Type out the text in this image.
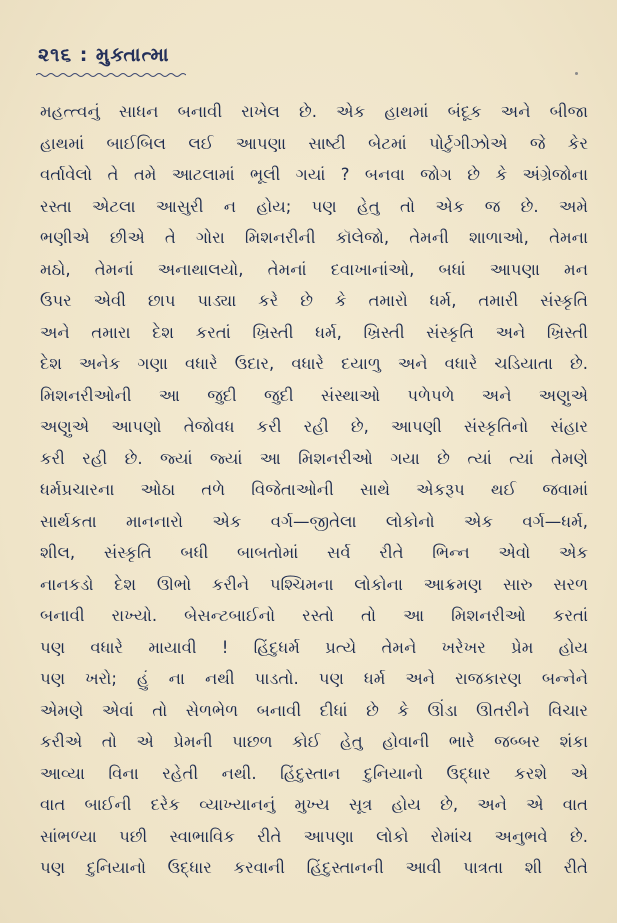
૨૧૬ : મુક્તાત્મા
મહત્ત્વનું સાધન બનાવી રાખેલ છે. એક હાથમાં બંદૂક અને બીજા
હાથમાં બાઈબિલ લઈ આપણા સાષ્ટી બેટમાં પોર્ટુગીઝોએ જે કેર
વર્તાવેલો તે તમે આટલામાં ભૂલી ગયાં ? બનવા જોગ છે કે અંગ્રેજોના
રસ્તા એટલા આસુરી ન હોય; પણ હેતુ તો એક જ છે. અમે
ભણીએ છીએ તે ગોરા મિશનરીની કૉલેજો, તેમની શાળાઓ, તેમના
મઠો, તેમનાં અનાથાલયો, તેમનાં દવાખાનાંઓ, બધાં આપણા મન
ઉપર એવી છાપ પાડ્યા કરે છે કે તમારો ધર્મ, તમારી સંસ્કૃતિ
અને તમારા દેશ કરતાં ખ્રિસ્તી ધર્મ, ખ્રિસ્તી સંસ્કૃતિ અને ખ્રિસ્તી
દેશ અનેક ગણા વધારે ઉદાર, વધારે દયાળુ અને વધારે ચડિયાતા છે.
મિશનરીઓની આ જુદી જુદી સંસ્થાઓ પળેપળે અને અણુએ
અણુએ આપણો તેજોવધ કરી રહી છે, આપણી સંસ્કૃતિનો સંહાર
કરી રહી છે. જ્યાં જ્યાં આ મિશનરીઓ ગયા છે ત્યાં ત્યાં તેમણે
ધર્મપ્રચારના ઓઠા તળે વિજેતાઓની સાથે એકરૂપ થઈ જવામાં
સાર્થકતા માનનારો એક વર્ગ—જીતેલા લોકોનો એક વર્ગ—ધર્મ,
શીલ, સંસ્કૃતિ બધી બાબતોમાં સર્વ રીતે ભિન્ન એવો એક
નાનકડો દેશ ઊભો કરીને પશ્ચિમના લોકોના આક્રમણ સારુ સરળ
બનાવી રાખ્યો. બેસન્ટબાઈનો રસ્તો તો આ મિશનરીઓ કરતાં
પણ વધારે માયાવી ! હિંદુધર્મ પ્રત્યે તેમને ખરેખર પ્રેમ હોય
પણ ખરો; હું ના નથી પાડતો. પણ ધર્મ અને રાજકારણ બન્નેને
એમણે એવાં તો સેળભેળ બનાવી દીધાં છે કે ઊંડા ઊતરીને વિચાર
કરીએ તો એ પ્રેમની પાછળ કોઈ હેતુ હોવાની ભારે જબ્બર શંકા
આવ્યા વિના રહેતી નથી. હિંદુસ્તાન દુનિયાનો ઉદ્ધાર કરશે એ
વાત બાઈની દરેક વ્યાખ્યાનનું મુખ્ય સૂત્ર હોય છે, અને એ વાત
સાંભળ્યા પછી સ્વાભાવિક રીતે આપણા લોકો રોમાંચ અનુભવે છે.
પણ દુનિયાનો ઉદ્ધાર કરવાની હિંદુસ્તાનની આવી પાત્રતા શી રીતે
